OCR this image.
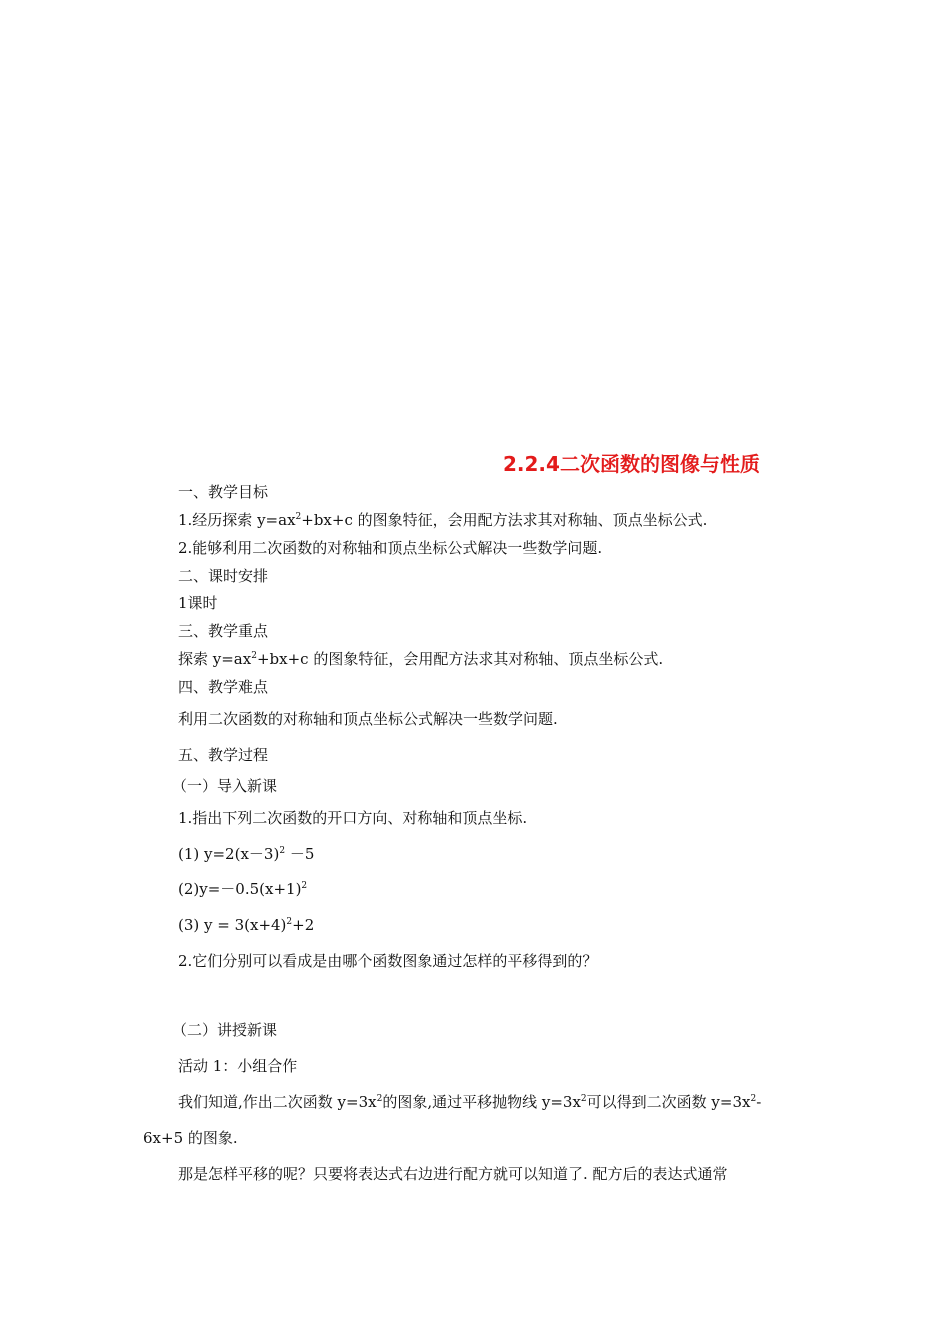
2.2.4二次函数的图像与性质
一、教学目标
1.经历探索 $y=ax^2+bx+c$ 的图象特征，会用配方法求其对称轴、顶点坐标公式.
2.能够利用二次函数的对称轴和顶点坐标公式解决一些数学问题.
二、课时安排
1课时
三、教学重点
探索 $y=ax^2+bx+c$ 的图象特征，会用配方法求其对称轴、顶点坐标公式.
四、教学难点
利用二次函数的对称轴和顶点坐标公式解决一些数学问题.
五、教学过程
（一）导入新课
1.指出下列二次函数的开口方向、对称轴和顶点坐标.
(1) $y=2(x-3)^2 -5$
$(2)y=-0.5(x+1)^2$
(3) $y = 3(x+4)^2+2$
2.它们分别可以看成是由哪个函数图象通过怎样的平移得到的？
（二）讲授新课
活动 1：小组合作
我们知道,作出二次函数 $y=3x^2$的图象,通过平移抛物线 $y=3x^2$可以得到二次函数 $y=3x^2-$
6x+5 的图象.
那是怎样平移的呢？只要将表达式右边进行配方就可以知道了. 配方后的表达式通常
